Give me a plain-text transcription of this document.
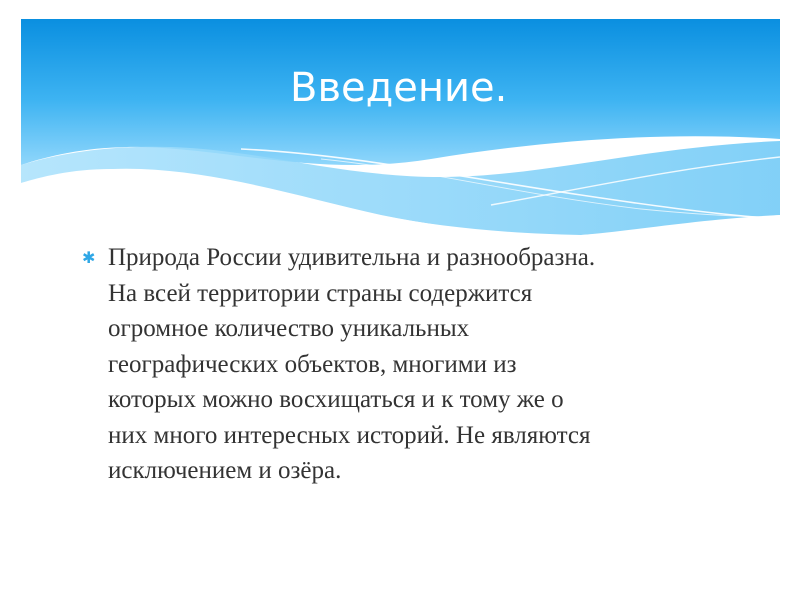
Введение.
✱ Природа России удивительна и разнообразна.
На всей территории страны содержится
огромное количество уникальных
географических объектов, многими из
которых можно восхищаться и к тому же о
них много интересных историй. Не являются
исключением и озёра.
